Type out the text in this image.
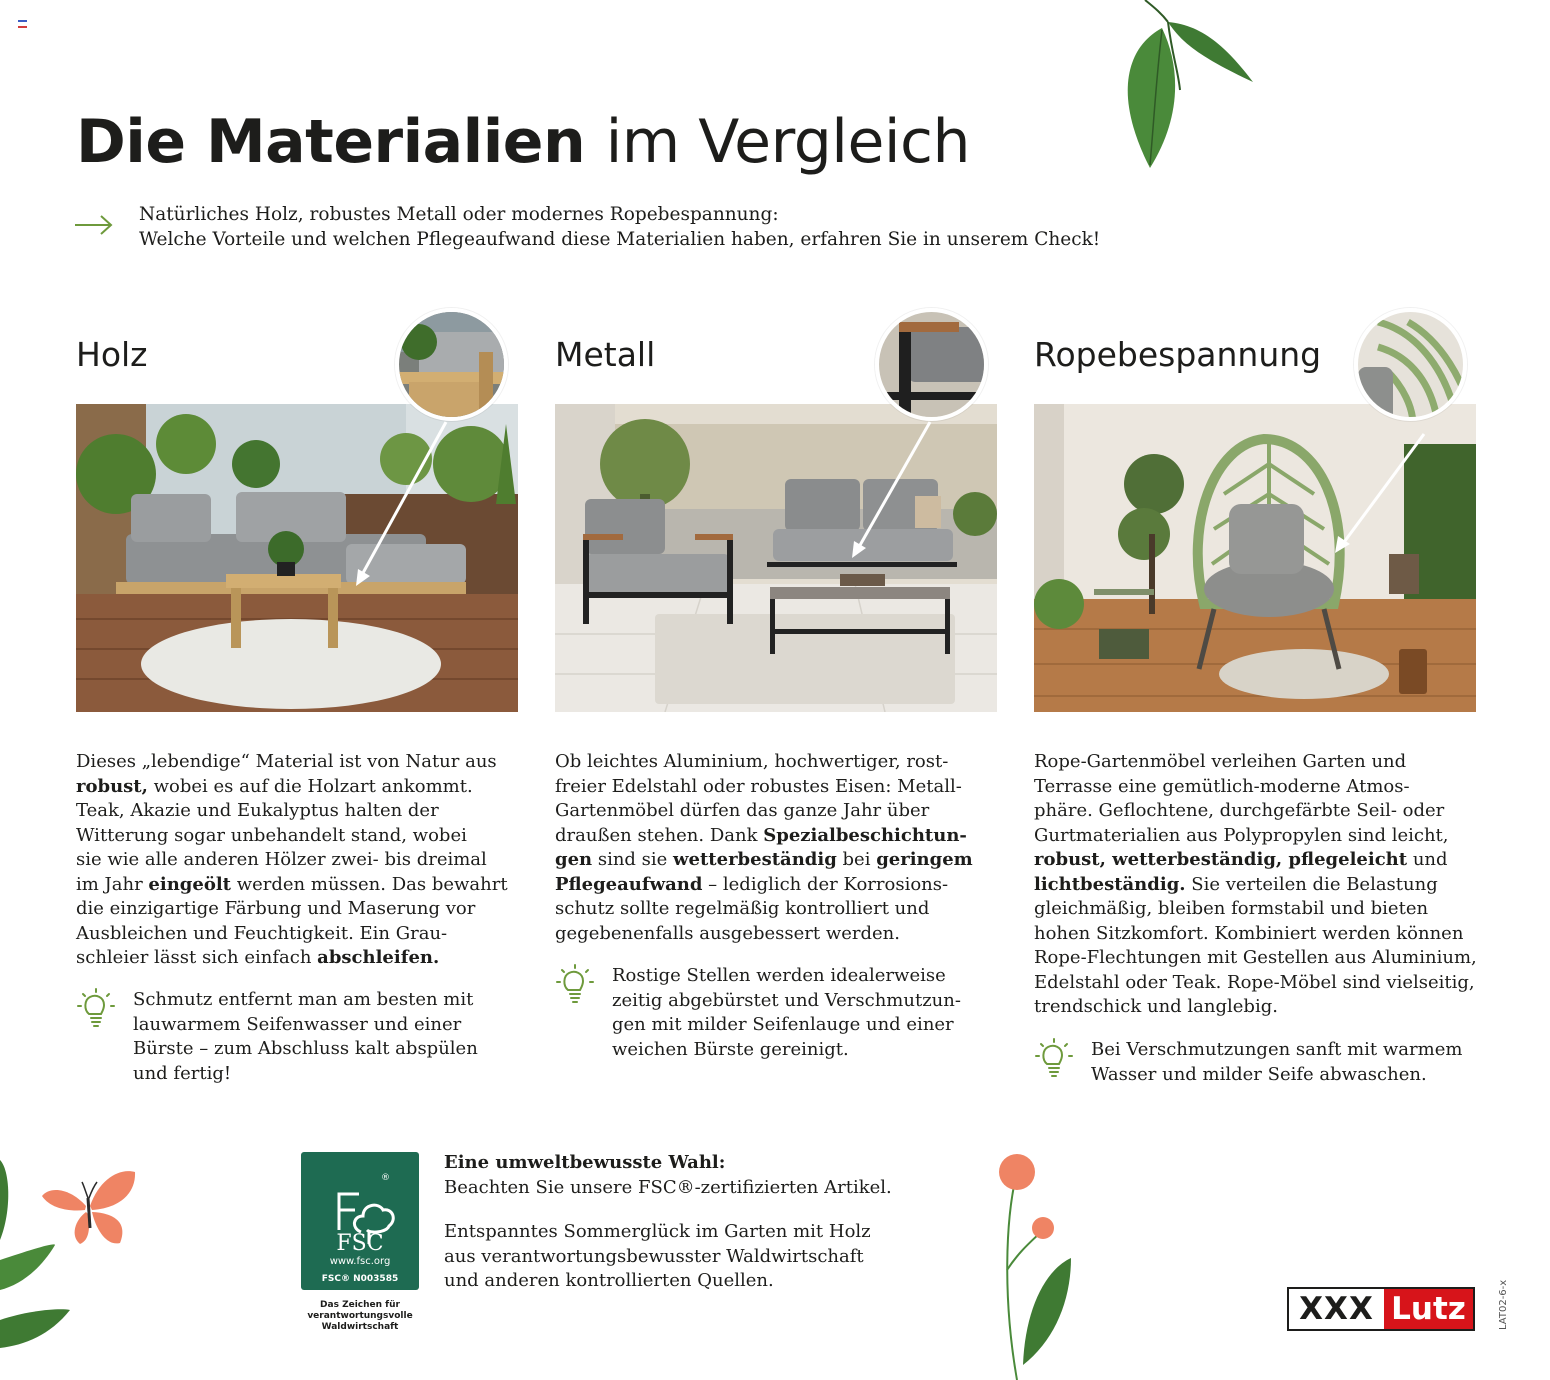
Die Materialien im Vergleich

Natürliches Holz, robustes Metall oder modernes Ropebespannung:

Welche Vorteile und welchen Pflegeaufwand diese Materialien haben, erfahren Sie in unserem Check!

Holz

Dieses „lebendige“ Material ist von Natur aus

robust, wobei es auf die Holzart ankommt.

Teak, Akazie und Eukalyptus halten der

Witterung sogar unbehandelt stand, wobei

sie wie alle anderen Hölzer zwei- bis dreimal

im Jahr eingeölt werden müssen. Das bewahrt

die einzigartige Färbung und Maserung vor

Ausbleichen und Feuchtigkeit. Ein Grau-

schleier lässt sich einfach abschleifen.

Schmutz entfernt man am besten mit

lauwarmem Seifenwasser und einer

Bürste – zum Abschluss kalt abspülen

und fertig!

Metall

Ob leichtes Aluminium, hochwertiger, rost-

freier Edelstahl oder robustes Eisen: Metall-

Gartenmöbel dürfen das ganze Jahr über

draußen stehen. Dank Spezialbeschichtun-

gen sind sie wetterbeständig bei geringem

Pflegeaufwand – lediglich der Korrosions-

schutz sollte regelmäßig kontrolliert und

gegebenenfalls ausgebessert werden.

Rostige Stellen werden idealerweise

zeitig abgebürstet und Verschmutzun-

gen mit milder Seifenlauge und einer

weichen Bürste gereinigt.

Ropebespannung

Rope-Gartenmöbel verleihen Garten und

Terrasse eine gemütlich-moderne Atmos-

phäre. Geflochtene, durchgefärbte Seil- oder

Gurtmaterialien aus Polypropylen sind leicht,

robust, wetterbeständig, pflegeleicht und

lichtbeständig. Sie verteilen die Belastung

gleichmäßig, bleiben formstabil und bieten

hohen Sitzkomfort. Kombiniert werden können

Rope-Flechtungen mit Gestellen aus Aluminium,

Edelstahl oder Teak. Rope-Möbel sind vielseitig,

trendschick und langlebig.

Bei Verschmutzungen sanft mit warmem

Wasser und milder Seife abwaschen.

®
FSC
www.fsc.org
FSC® N003585

Das Zeichen für

verantwortungsvolle

Waldwirtschaft

Eine umweltbewusste Wahl:

Beachten Sie unsere FSC®-zertifizierten Artikel.

Entspanntes Sommerglück im Garten mit Holz

aus verantwortungsbewusster Waldwirtschaft

und anderen kontrollierten Quellen.

XXX Lutz	LAT02-6-x
